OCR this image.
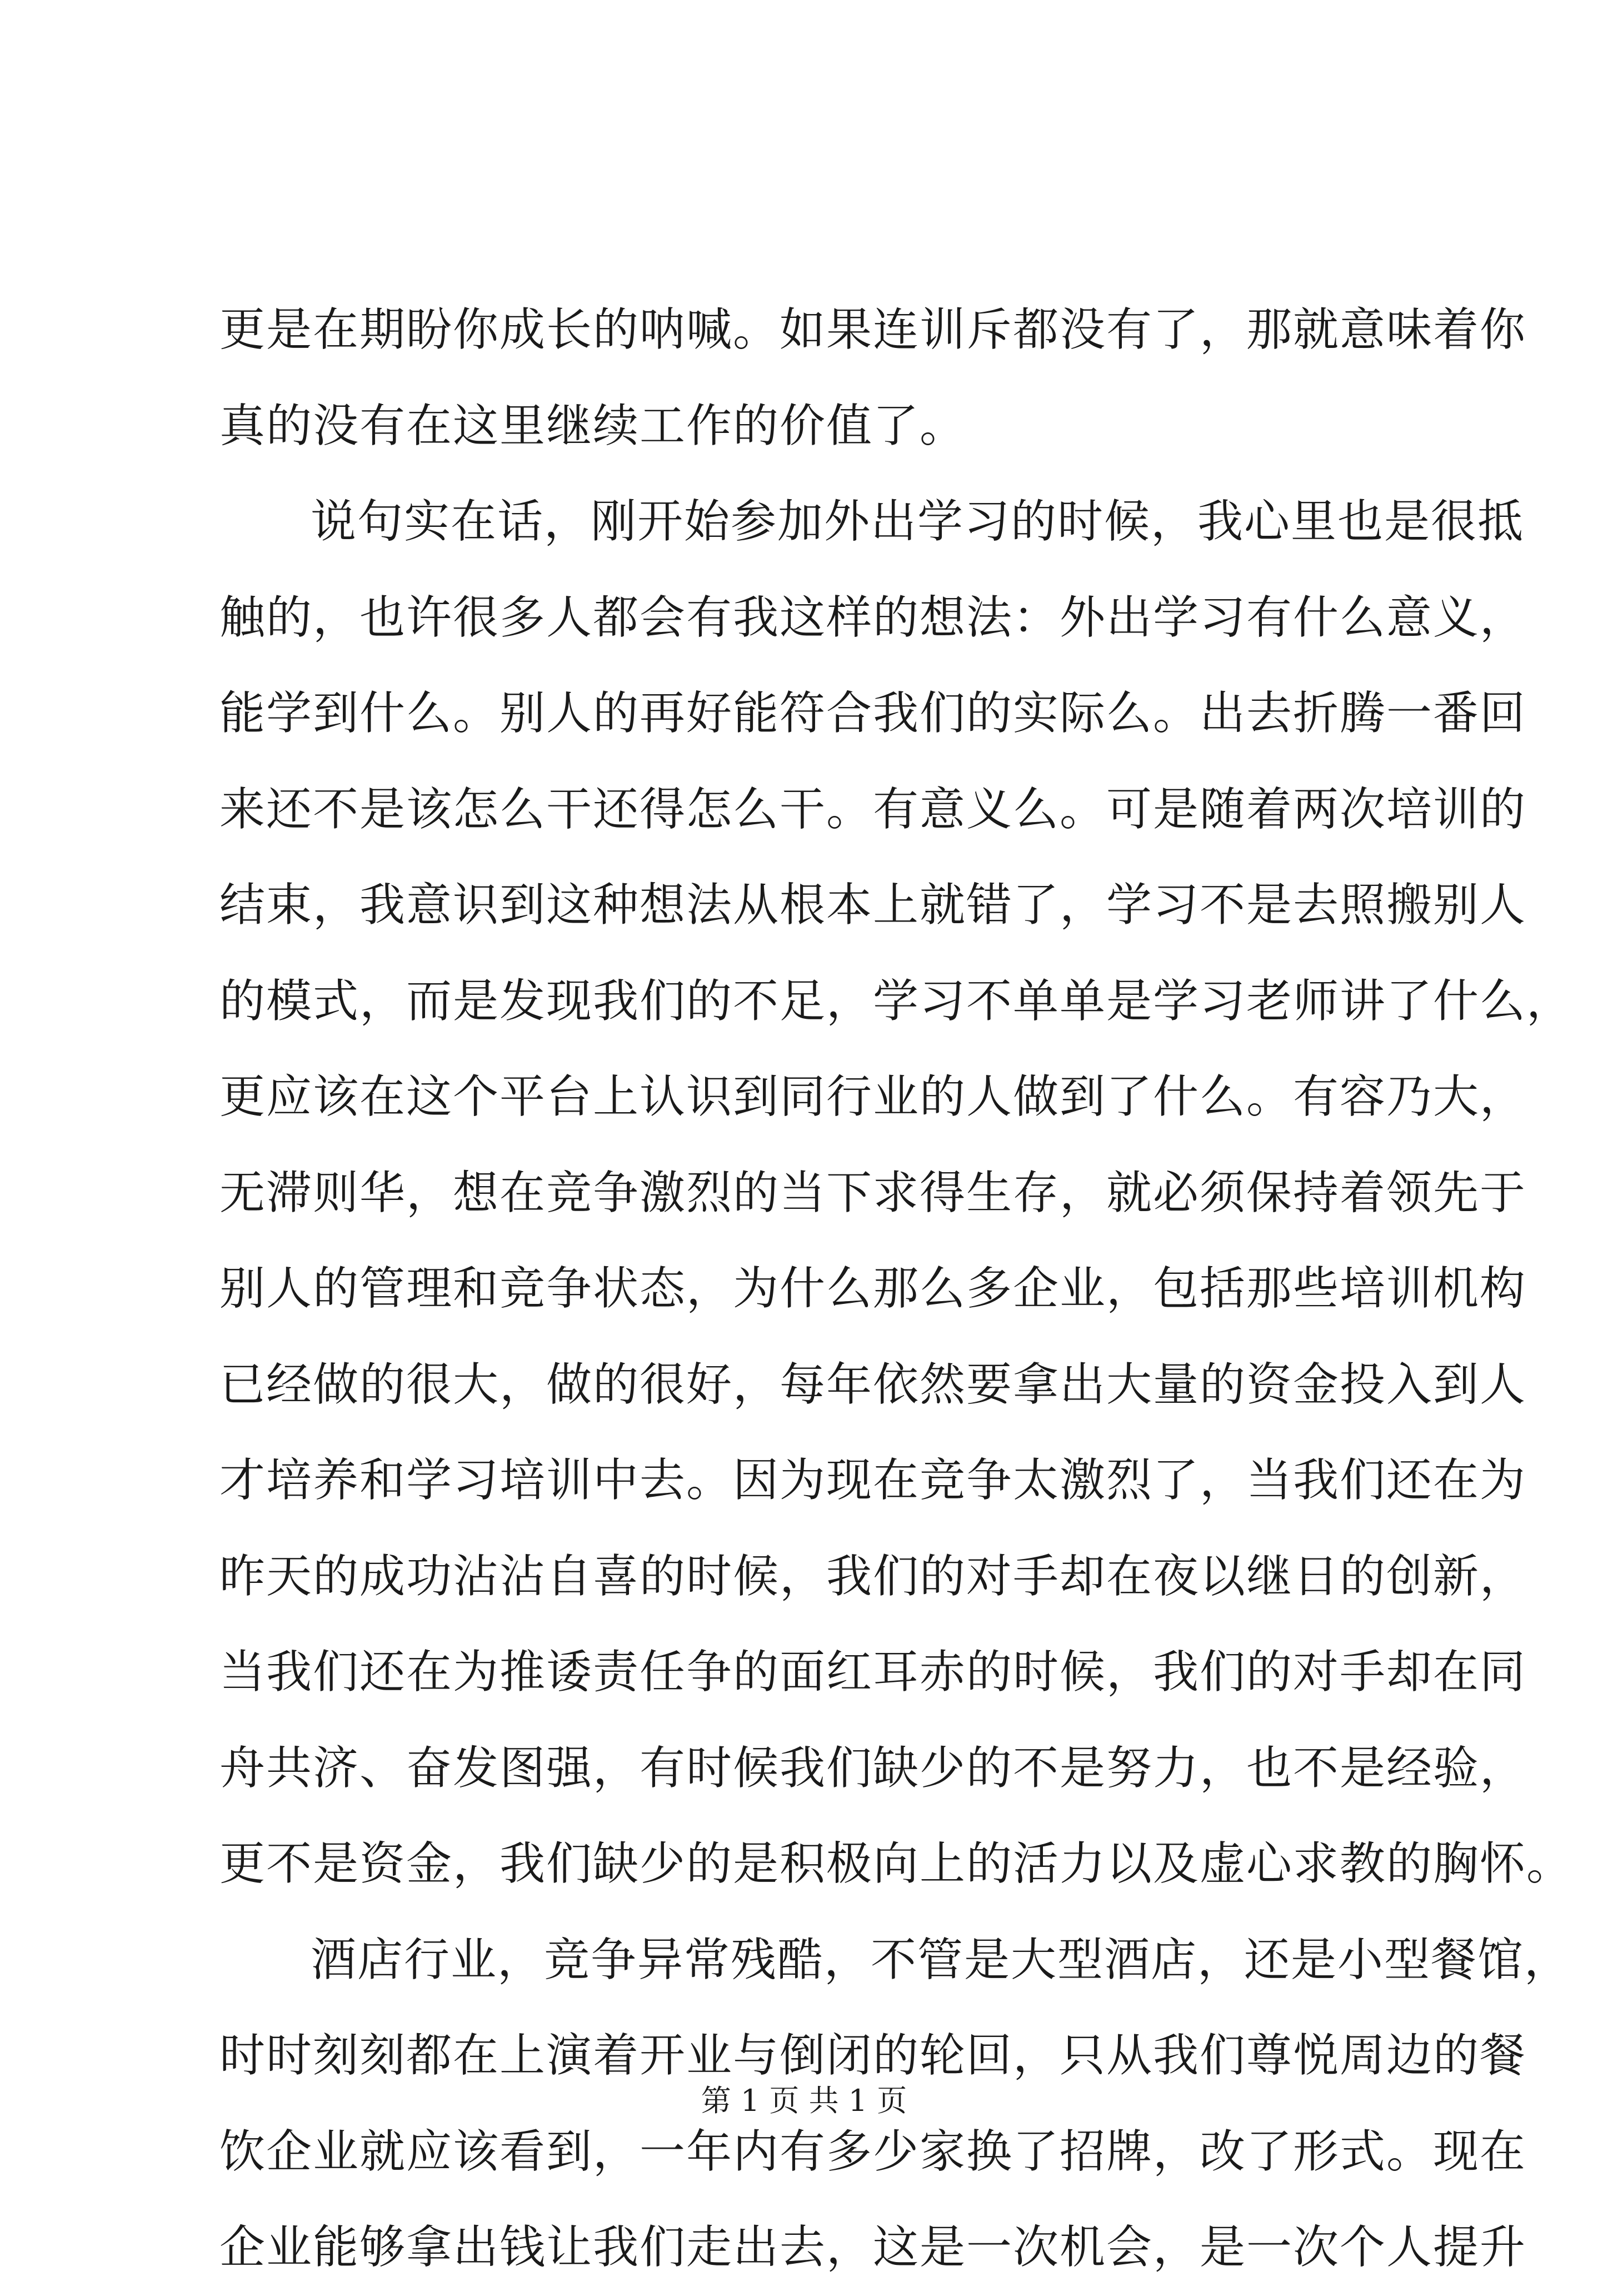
更是在期盼你成长的呐喊。如果连训斥都没有了，那就意味着你
真的没有在这里继续工作的价值了。
说句实在话，刚开始参加外出学习的时候，我心里也是很抵
触的，也许很多人都会有我这样的想法：外出学习有什么意义，
能学到什么。别人的再好能符合我们的实际么。出去折腾一番回
来还不是该怎么干还得怎么干。有意义么。可是随着两次培训的
结束，我意识到这种想法从根本上就错了，学习不是去照搬别人
的模式，而是发现我们的不足，学习不单单是学习老师讲了什么，
更应该在这个平台上认识到同行业的人做到了什么。有容乃大，
无滞则华，想在竞争激烈的当下求得生存，就必须保持着领先于
别人的管理和竞争状态，为什么那么多企业，包括那些培训机构
已经做的很大，做的很好，每年依然要拿出大量的资金投入到人
才培养和学习培训中去。因为现在竞争太激烈了，当我们还在为
昨天的成功沾沾自喜的时候，我们的对手却在夜以继日的创新，
当我们还在为推诿责任争的面红耳赤的时候，我们的对手却在同
舟共济、奋发图强，有时候我们缺少的不是努力，也不是经验，
更不是资金，我们缺少的是积极向上的活力以及虚心求教的胸怀。
酒店行业，竞争异常残酷，不管是大型酒店，还是小型餐馆，
时时刻刻都在上演着开业与倒闭的轮回，只从我们尊悦周边的餐
饮企业就应该看到，一年内有多少家换了招牌，改了形式。现在
企业能够拿出钱让我们走出去，这是一次机会，是一次个人提升
第 1 页 共 1 页
